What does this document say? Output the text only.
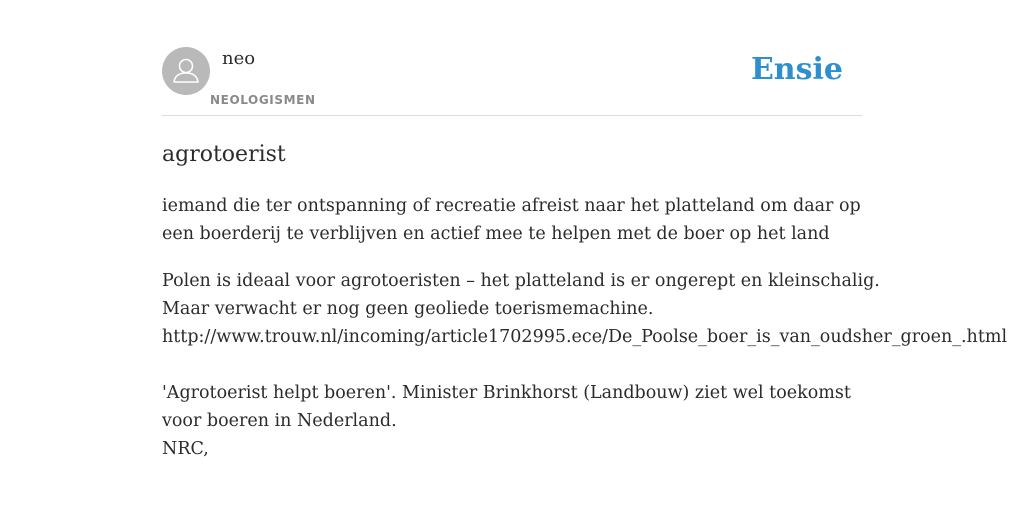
neo
NEOLOGISMEN
Ensie
agrotoerist
iemand die ter ontspanning of recreatie afreist naar het platteland om daar op
een boerderij te verblijven en actief mee te helpen met de boer op het land
Polen is ideaal voor agrotoeristen – het platteland is er ongerept en kleinschalig.
Maar verwacht er nog geen geoliede toerismemachine.
http://www.trouw.nl/incoming/article1702995.ece/De_Poolse_boer_is_van_oudsher_groen_.html
'Agrotoerist helpt boeren'. Minister Brinkhorst (Landbouw) ziet wel toekomst
voor boeren in Nederland.
NRC,
